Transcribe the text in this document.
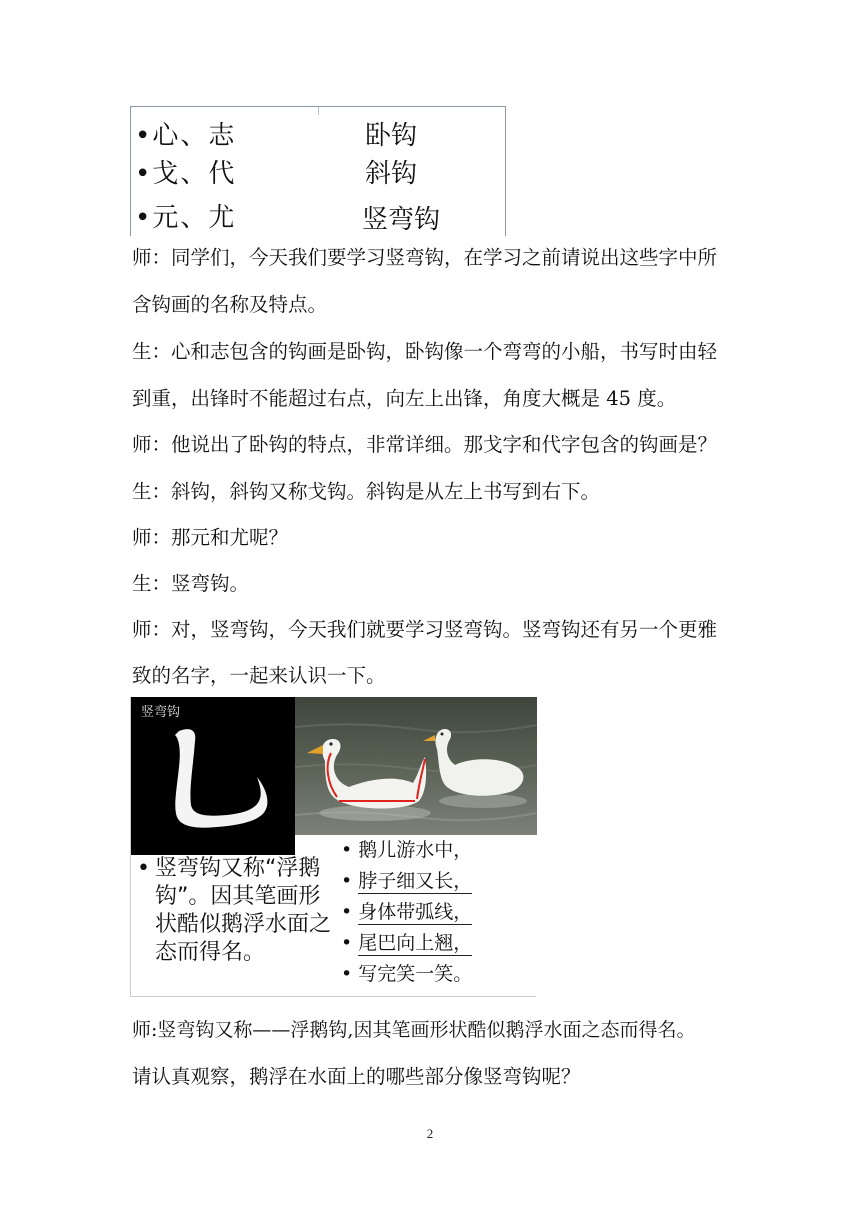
•心、志	卧钩
•戈、代	斜钩
•元、尤	竖弯钩

师：同学们，今天我们要学习竖弯钩，在学习之前请说出这些字中所

含钩画的名称及特点。

生：心和志包含的钩画是卧钩，卧钩像一个弯弯的小船，书写时由轻

到重，出锋时不能超过右点，向左上出锋，角度大概是 45 度。

师：他说出了卧钩的特点，非常详细。那戈字和代字包含的钩画是？

生：斜钩，斜钩又称戈钩。斜钩是从左上书写到右下。

师：那元和尤呢？

生：竖弯钩。

师：对，竖弯钩，今天我们就要学习竖弯钩。竖弯钩还有另一个更雅

致的名字，一起来认识一下。

竖弯钩
• 竖弯钩又称“浮鹅钩”。因其笔画形状酷似鹅浮水面之态而得名。
• 鹅儿游水中，
• 脖子细又长，
• 身体带弧线，
• 尾巴向上翘，
• 写完笑一笑。

师:竖弯钩又称——浮鹅钩,因其笔画形状酷似鹅浮水面之态而得名。

请认真观察，鹅浮在水面上的哪些部分像竖弯钩呢？

2
